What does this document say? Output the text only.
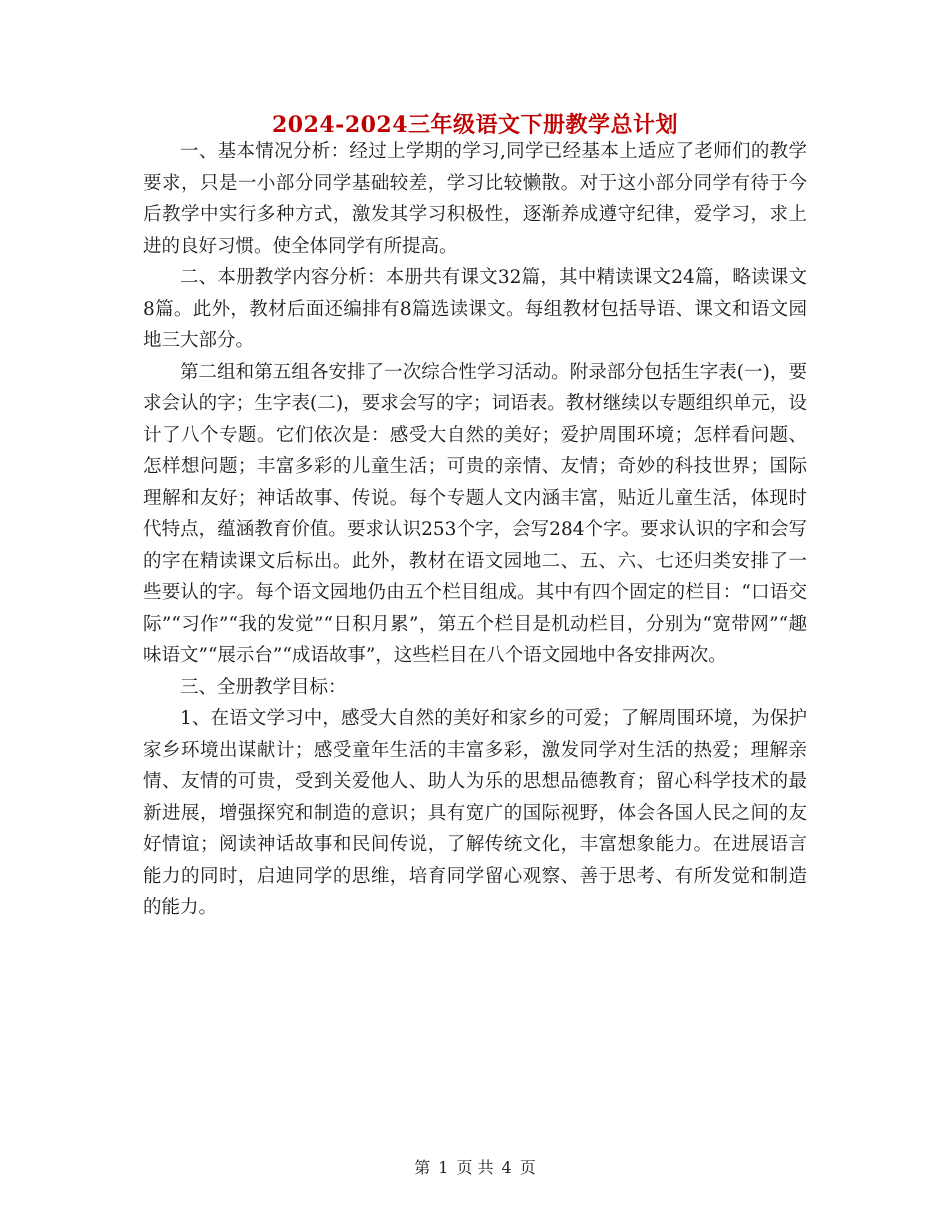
2024-2024三年级语文下册教学总计划

一、基本情况分析：经过上学期的学习,同学已经基本上适应了老师们的教学要求，只是一小部分同学基础较差，学习比较懒散。对于这小部分同学有待于今后教学中实行多种方式，激发其学习积极性，逐渐养成遵守纪律，爱学习，求上进的良好习惯。使全体同学有所提高。

二、本册教学内容分析：本册共有课文32篇，其中精读课文24篇，略读课文8篇。此外，教材后面还编排有8篇选读课文。每组教材包括导语、课文和语文园地三大部分。

第二组和第五组各安排了一次综合性学习活动。附录部分包括生字表(一)，要求会认的字；生字表(二)，要求会写的字；词语表。教材继续以专题组织单元，设计了八个专题。它们依次是：感受大自然的美好；爱护周围环境；怎样看问题、怎样想问题；丰富多彩的儿童生活；可贵的亲情、友情；奇妙的科技世界；国际理解和友好；神话故事、传说。每个专题人文内涵丰富，贴近儿童生活，体现时代特点，蕴涵教育价值。要求认识253个字，会写284个字。要求认识的字和会写的字在精读课文后标出。此外，教材在语文园地二、五、六、七还归类安排了一些要认的字。每个语文园地仍由五个栏目组成。其中有四个固定的栏目：“口语交际”“习作”“我的发觉”“日积月累”，第五个栏目是机动栏目，分别为“宽带网”“趣味语文”“展示台”“成语故事”，这些栏目在八个语文园地中各安排两次。

三、全册教学目标：

1、在语文学习中，感受大自然的美好和家乡的可爱；了解周围环境，为保护家乡环境出谋献计；感受童年生活的丰富多彩，激发同学对生活的热爱；理解亲情、友情的可贵，受到关爱他人、助人为乐的思想品德教育；留心科学技术的最新进展，增强探究和制造的意识；具有宽广的国际视野，体会各国人民之间的友好情谊；阅读神话故事和民间传说，了解传统文化，丰富想象能力。在进展语言能力的同时，启迪同学的思维，培育同学留心观察、善于思考、有所发觉和制造的能力。

第 1 页 共 4 页
